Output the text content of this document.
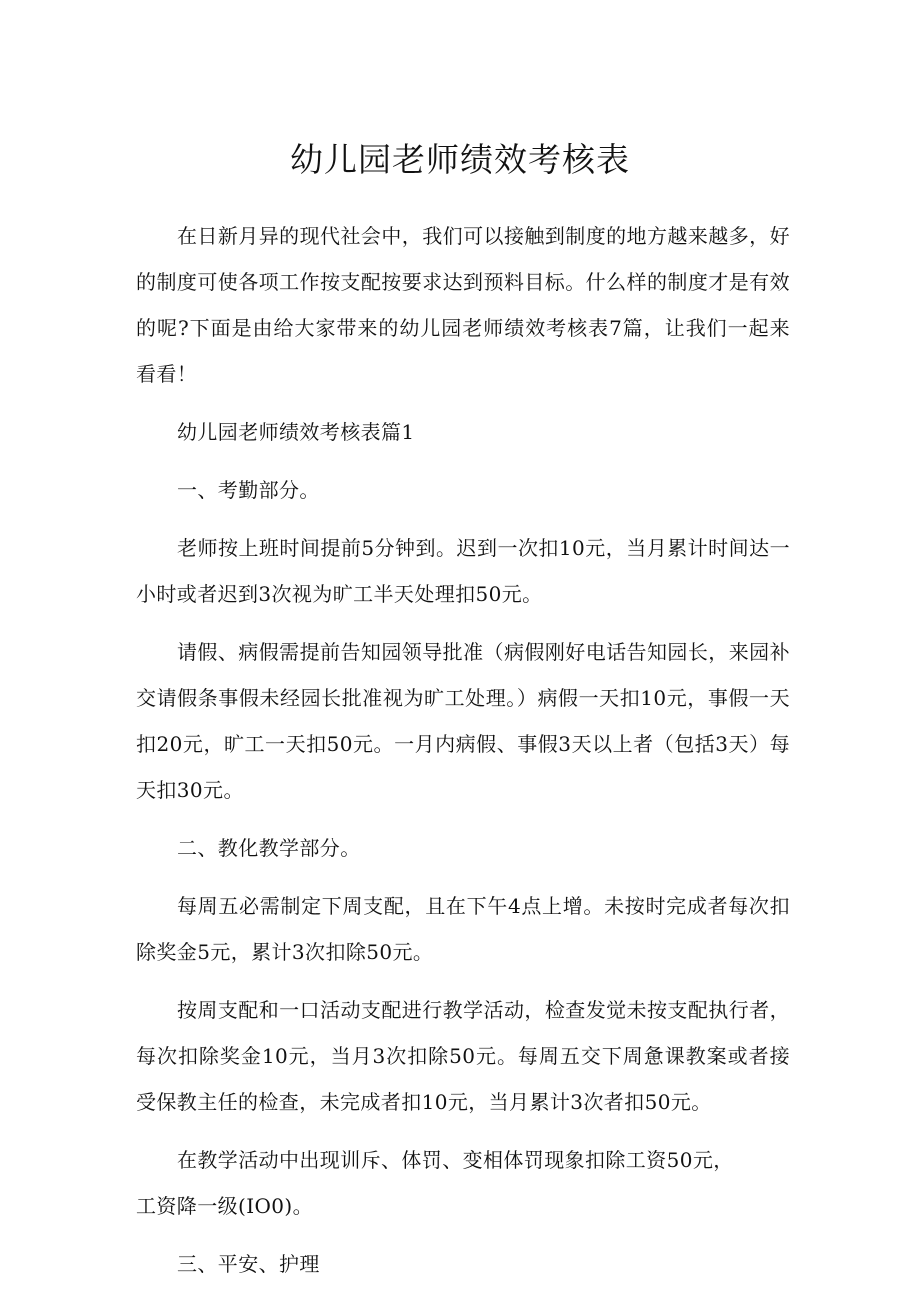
幼儿园老师绩效考核表

在日新月异的现代社会中，我们可以接触到制度的地方越来越多，好的制度可使各项工作按支配按要求达到预料目标。什么样的制度才是有效的呢?下面是由给大家带来的幼儿园老师绩效考核表7篇，让我们一起来看看！

幼儿园老师绩效考核表篇1

一、考勤部分。

老师按上班时间提前5分钟到。迟到一次扣10元，当月累计时间达一小时或者迟到3次视为旷工半天处理扣50元。

请假、病假需提前告知园领导批准（病假刚好电话告知园长，来园补交请假条事假未经园长批准视为旷工处理。）病假一天扣10元，事假一天扣20元，旷工一天扣50元。一月内病假、事假3天以上者（包括3天）每天扣30元。

二、教化教学部分。

每周五必需制定下周支配，且在下午4点上增。未按时完成者每次扣除奖金5元，累计3次扣除50元。

按周支配和一口活动支配进行教学活动，检查发觉未按支配执行者，每次扣除奖金10元，当月3次扣除50元。每周五交下周惫课教案或者接受保教主任的检查，未完成者扣10元，当月累计3次者扣50元。

在教学活动中出现训斥、体罚、变相体罚现象扣除工资50元，

工资降一级(IO0)。

三、平安、护理
